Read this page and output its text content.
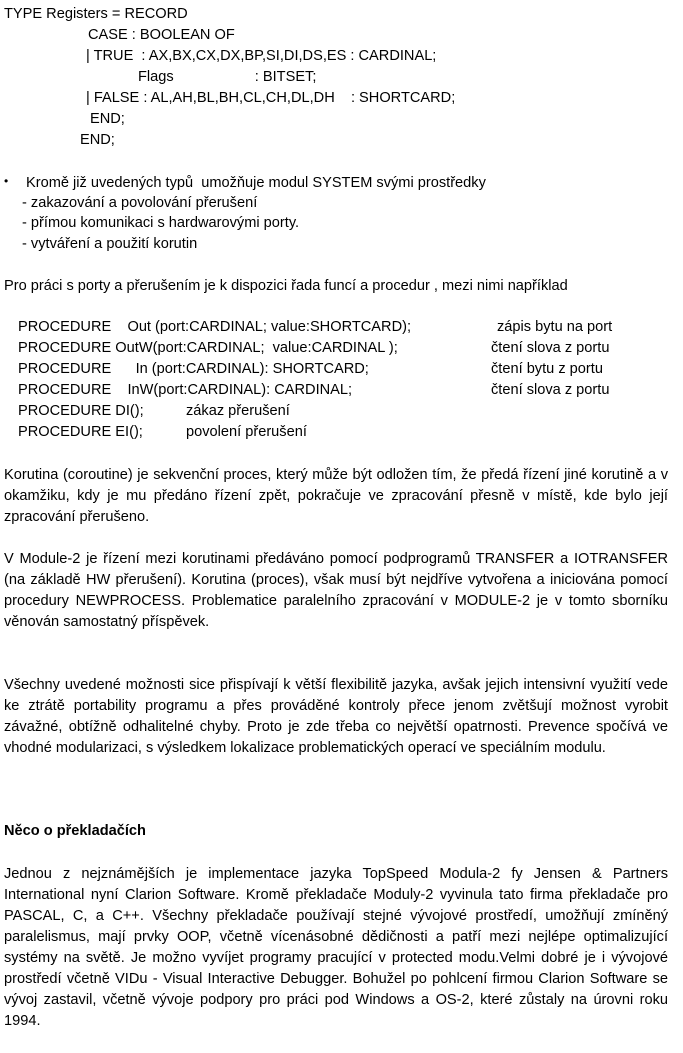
TYPE Registers = RECORD

CASE : BOOLEAN OF

| TRUE  : AX,BX,CX,DX,BP,SI,DI,DS,ES : CARDINAL;

Flags                    : BITSET;

| FALSE : AL,AH,BL,BH,CL,CH,DL,DH    : SHORTCARD;

END;

END;

• Kromě již uvedených typů  umožňuje modul SYSTEM svými prostředky

- zakazování a povolování přerušení

- přímou komunikaci s hardwarovými porty.

- vytváření a použití korutin

Pro práci s porty a přerušením je k dispozici řada funcí a procedur , mezi nimi například

PROCEDURE    Out (port:CARDINAL; value:SHORTCARD);	zápis bytu na port

PROCEDURE OutW(port:CARDINAL;  value:CARDINAL );	čtení slova z portu

PROCEDURE      In (port:CARDINAL): SHORTCARD;	čtení bytu z portu

PROCEDURE    InW(port:CARDINAL): CARDINAL;	čtení slova z portu

PROCEDURE DI();	zákaz přerušení

PROCEDURE EI();	povolení přerušení

Korutina (coroutine) je sekvenční proces, který může být odložen tím, že předá řízení jiné korutině a v okamžiku, kdy je mu předáno řízení zpět, pokračuje ve zpracování přesně v místě, kde bylo její zpracování přerušeno.

V Module-2 je řízení mezi korutinami předáváno pomocí podprogramů TRANSFER a IOTRANSFER (na základě HW přerušení). Korutina (proces), však musí být nejdříve vytvořena a iniciována pomocí procedury NEWPROCESS. Problematice paralelního zpracování v MODULE-2 je v tomto sborníku věnován samostatný příspěvek.

Všechny uvedené možnosti sice přispívají k větší flexibilitě jazyka, avšak jejich intensivní využití vede ke ztrátě portability programu a přes prováděné kontroly přece jenom zvětšují možnost vyrobit závažné, obtížně odhalitelné chyby. Proto je zde třeba co největší opatrnosti. Prevence spočívá ve vhodné modularizaci, s výsledkem lokalizace problematických operací ve speciálním modulu.

Něco o překladačích

Jednou z nejznámějších je implementace jazyka TopSpeed Modula-2 fy Jensen & Partners International nyní Clarion Software. Kromě překladače Moduly-2 vyvinula tato firma překladače pro PASCAL, C, a C++. Všechny překladače používají stejné vývojové prostředí, umožňují zmíněný paralelismus, mají prvky OOP, včetně vícenásobné dědičnosti a patří mezi nejlépe optimalizující systémy na světě. Je možno vyvíjet programy pracující v protected modu.Velmi dobré je i vývojové prostředí včetně VIDu - Visual Interactive Debugger. Bohužel po pohlcení firmou Clarion Software se vývoj zastavil, včetně vývoje podpory pro práci pod Windows a OS-2, které zůstaly na úrovni roku 1994.
